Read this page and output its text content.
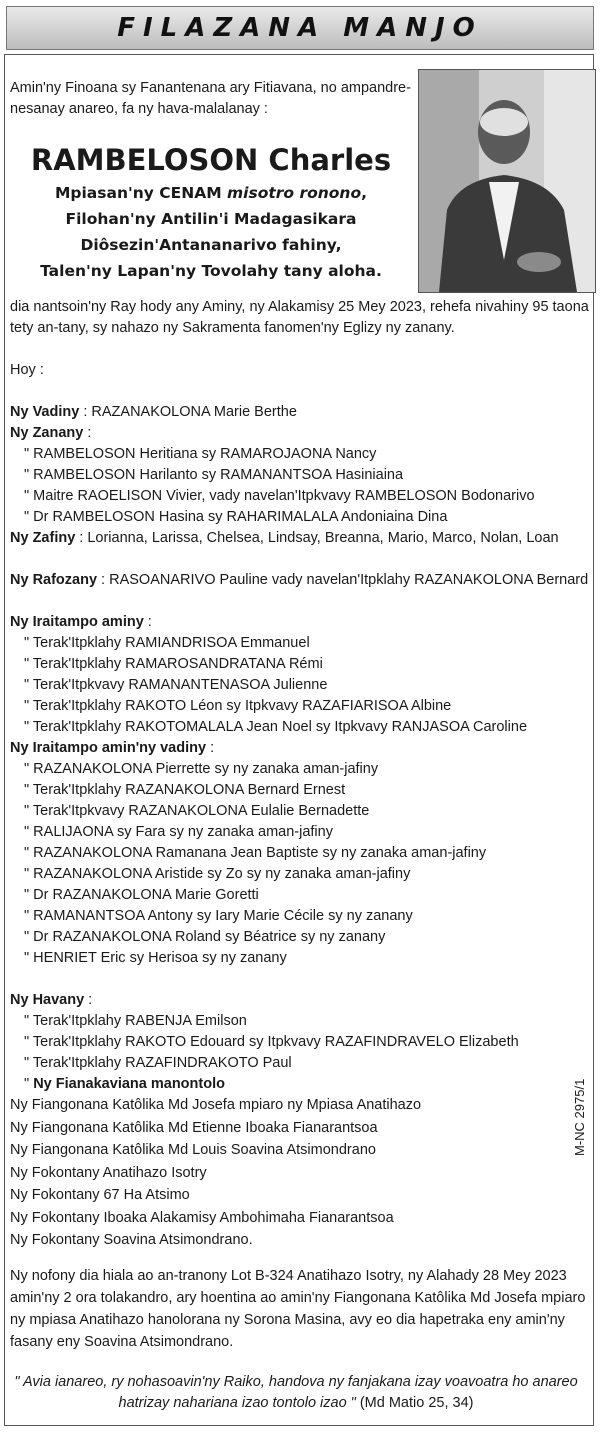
FILAZANA MANJO
Amin'ny Finoana sy Fanantenana ary Fitiavana, no ampandre-
nesanay anareo, fa ny hava-malalanay :
RAMBELOSON Charles
Mpiasan'ny CENAM misotro ronono,
Filohan'ny Antilin'i Madagasikara
Diôsezin'Antananarivo fahiny,
Talen'ny Lapan'ny Tovolahy tany aloha.
dia nantsoin'ny Ray hody any Aminy, ny Alakamisy 25 Mey 2023, rehefa nivahiny 95 taona
tety an-tany, sy nahazo ny Sakramenta fanomen'ny Eglizy ny zanany.
Hoy :
Ny Vadiny : RAZANAKOLONA Marie Berthe
Ny Zanany :
" RAMBELOSON Heritiana sy RAMAROJAONA Nancy
" RAMBELOSON Harilanto sy RAMANANTSOA Hasiniaina
" Maitre RAOELISON Vivier, vady navelan'Itpkvavy RAMBELOSON Bodonarivo
" Dr RAMBELOSON Hasina sy RAHARIMALALA Andoniaina Dina
Ny Zafiny : Lorianna, Larissa, Chelsea, Lindsay, Breanna, Mario, Marco, Nolan, Loan
Ny Rafozany : RASOANARIVO Pauline vady navelan'Itpklahy RAZANAKOLONA Bernard
Ny Iraitampo aminy :
" Terak'Itpklahy RAMIANDRISOA Emmanuel
" Terak'Itpklahy RAMAROSANDRATANA Rémi
" Terak'Itpkvavy RAMANANTENASOA Julienne
" Terak'Itpklahy RAKOTO Léon sy Itpkvavy RAZAFIARISOA Albine
" Terak'Itpklahy RAKOTOMALALA Jean Noel sy Itpkvavy RANJASOA Caroline
Ny Iraitampo amin'ny vadiny :
" RAZANAKOLONA Pierrette sy ny zanaka aman-jafiny
" Terak'Itpklahy RAZANAKOLONA Bernard Ernest
" Terak'Itpkvavy RAZANAKOLONA Eulalie Bernadette
" RALIJAONA sy Fara sy ny zanaka aman-jafiny
" RAZANAKOLONA Ramanana Jean Baptiste sy ny zanaka aman-jafiny
" RAZANAKOLONA Aristide sy Zo sy ny zanaka aman-jafiny
" Dr RAZANAKOLONA Marie Goretti
" RAMANANTSOA Antony sy Iary Marie Cécile sy ny zanany
" Dr RAZANAKOLONA Roland sy Béatrice sy ny zanany
" HENRIET Eric sy Herisoa sy ny zanany
Ny Havany :
" Terak'Itpklahy RABENJA Emilson
" Terak'Itpklahy RAKOTO Edouard sy Itpkvavy RAZAFINDRAVELO Elizabeth
" Terak'Itpklahy RAZAFINDRAKOTO Paul
" Ny Fianakaviana manontolo
Ny Fiangonana Katôlika Md Josefa mpiaro ny Mpiasa Anatihazo
Ny Fiangonana Katôlika Md Etienne Iboaka Fianarantsoa
Ny Fiangonana Katôlika Md Louis Soavina Atsimondrano
Ny Fokontany Anatihazo Isotry
Ny Fokontany 67 Ha Atsimo
Ny Fokontany Iboaka Alakamisy Ambohimaha Fianarantsoa
Ny Fokontany Soavina Atsimondrano.
Ny nofony dia hiala ao an-tranony Lot B-324 Anatihazo Isotry, ny Alahady 28 Mey 2023
amin'ny 2 ora tolakandro, ary hoentina ao amin'ny Fiangonana Katôlika Md Josefa mpiaro
ny mpiasa Anatihazo hanolorana ny Sorona Masina, avy eo dia hapetraka eny amin'ny
fasany eny Soavina Atsimondrano.
" Avia ianareo, ry nohasoavin'ny Raiko, handova ny fanjakana izay voavoatra ho anareo
hatrizay nahariana izao tontolo izao " (Md Matio 25, 34)
M-NC 2975/1
